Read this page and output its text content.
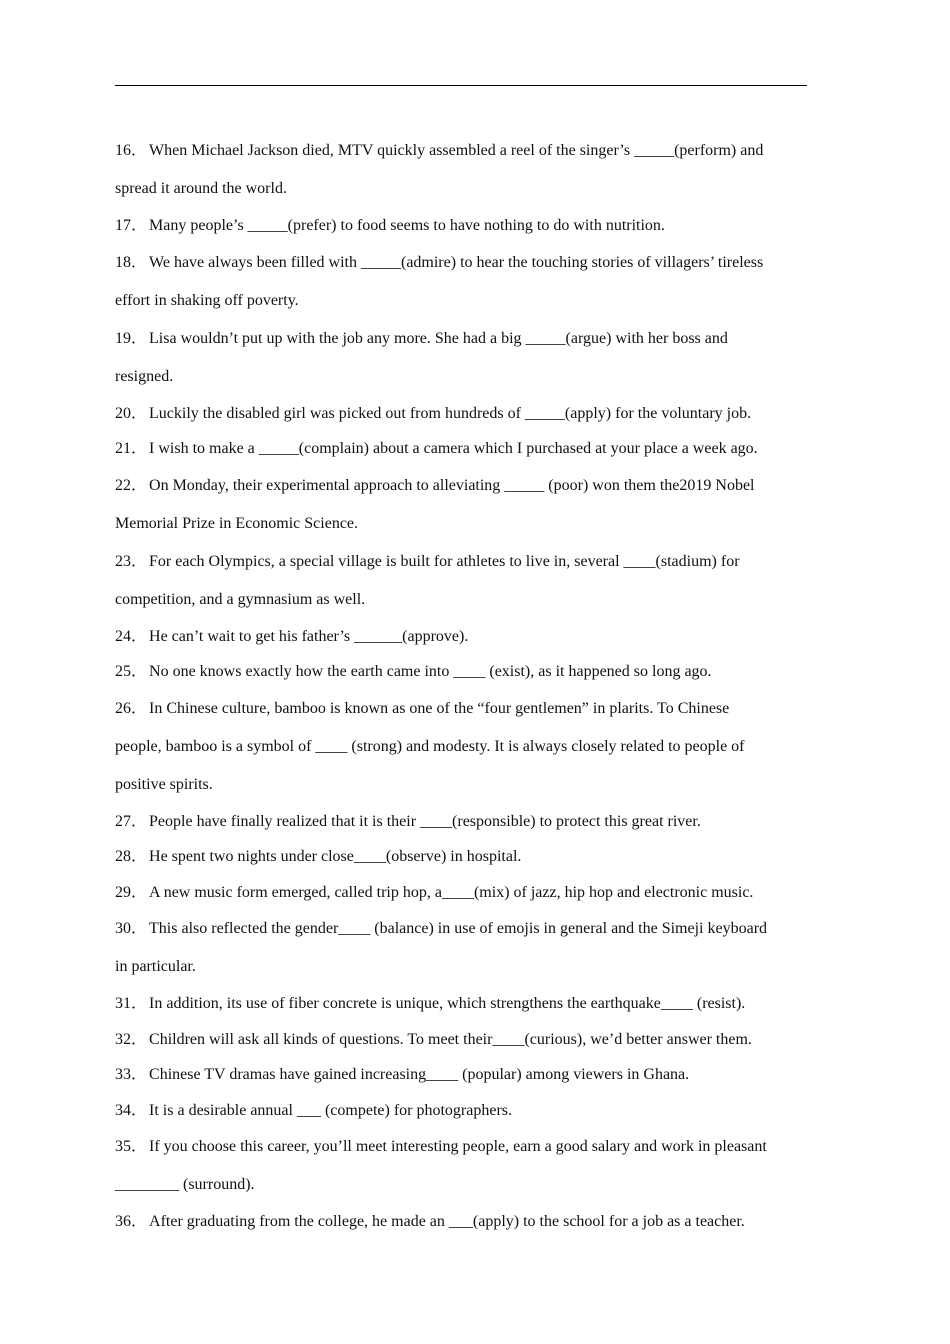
16． When Michael Jackson died, MTV quickly assembled a reel of the singer’s _____(perform) and
spread it around the world.

17． Many people’s _____(prefer) to food seems to have nothing to do with nutrition.

18． We have always been filled with _____(admire) to hear the touching stories of villagers’ tireless
effort in shaking off poverty.

19． Lisa wouldn’t put up with the job any more. She had a big _____(argue) with her boss and
resigned.

20． Luckily the disabled girl was picked out from hundreds of _____(apply) for the voluntary job.

21． I wish to make a _____(complain) about a camera which I purchased at your place a week ago.

22． On Monday, their experimental approach to alleviating _____ (poor) won them the2019 Nobel
Memorial Prize in Economic Science.

23． For each Olympics, a special village is built for athletes to live in, several ____(stadium) for
competition, and a gymnasium as well.

24． He can’t wait to get his father’s ______(approve).

25． No one knows exactly how the earth came into ____ (exist), as it happened so long ago.

26． In Chinese culture, bamboo is known as one of the “four gentlemen” in plarits. To Chinese
people, bamboo is a symbol of ____ (strong) and modesty. It is always closely related to people of
positive spirits.

27． People have finally realized that it is their ____(responsible) to protect this great river.

28． He spent two nights under close____(observe) in hospital.

29． A new music form emerged, called trip hop, a____(mix) of jazz, hip hop and electronic music.

30． This also reflected the gender____ (balance) in use of emojis in general and the Simeji keyboard
in particular.

31． In addition, its use of fiber concrete is unique, which strengthens the earthquake____ (resist).

32． Children will ask all kinds of questions. To meet their____(curious), we’d better answer them.

33． Chinese TV dramas have gained increasing____ (popular) among viewers in Ghana.

34． It is a desirable annual ___ (compete) for photographers.

35． If you choose this career, you’ll meet interesting people, earn a good salary and work in pleasant
________ (surround).

36． After graduating from the college, he made an ___(apply) to the school for a job as a teacher.
